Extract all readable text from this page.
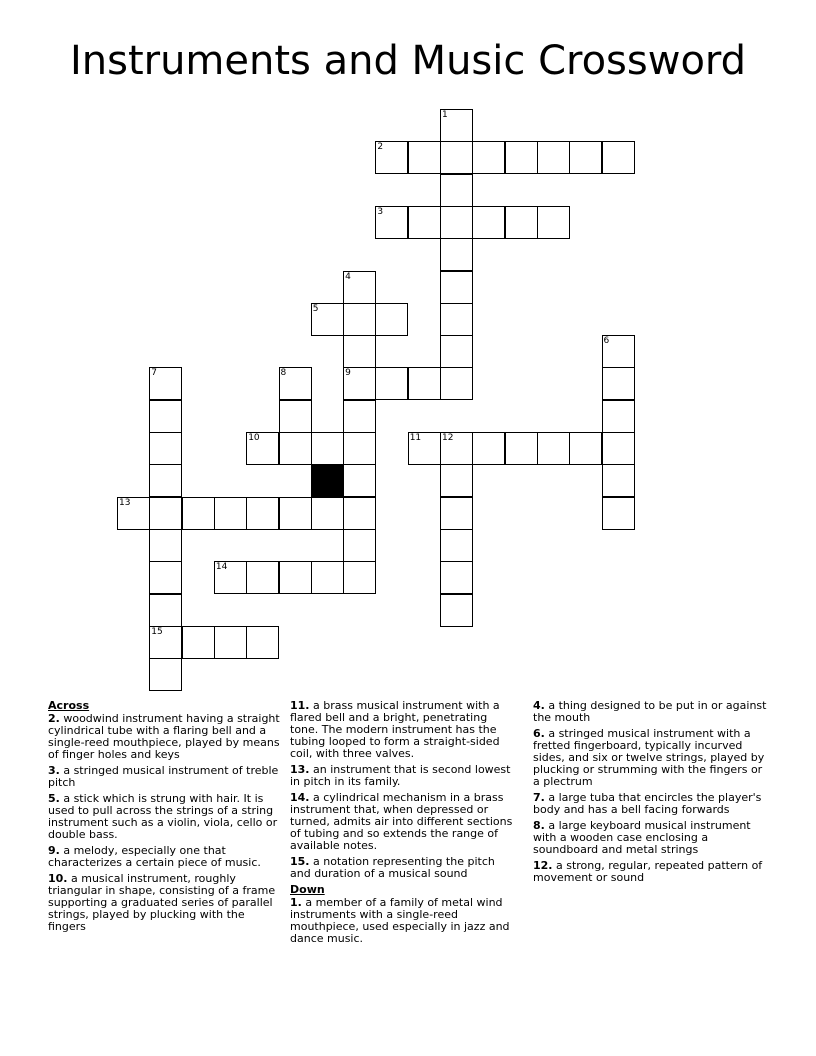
Instruments and Music Crossword
1
2
3
4
5
6
7
15
8	9
10	11 12
13
14
Across
2. woodwind instrument having a straight cylindrical tube with a flaring bell and a single-reed mouthpiece, played by means of finger holes and keys
3. a stringed musical instrument of treble pitch
5. a stick which is strung with hair. It is used to pull across the strings of a string instrument such as a violin, viola, cello or double bass.
9. a melody, especially one that characterizes a certain piece of music.
10. a musical instrument, roughly triangular in shape, consisting of a frame supporting a graduated series of parallel strings, played by plucking with the fingers
11. a brass musical instrument with a flared bell and a bright, penetrating tone. The modern instrument has the tubing looped to form a straight-sided coil, with three valves.
13. an instrument that is second lowest in pitch in its family.
14. a cylindrical mechanism in a brass instrument that, when depressed or turned, admits air into different sections of tubing and so extends the range of available notes.
15. a notation representing the pitch and duration of a musical sound
Down
1. a member of a family of metal wind instruments with a single-reed mouthpiece, used especially in jazz and dance music.
4. a thing designed to be put in or against the mouth
6. a stringed musical instrument with a fretted fingerboard, typically incurved sides, and six or twelve strings, played by plucking or strumming with the fingers or a plectrum
7. a large tuba that encircles the player's body and has a bell facing forwards
8. a large keyboard musical instrument with a wooden case enclosing a soundboard and metal strings
12. a strong, regular, repeated pattern of movement or sound
